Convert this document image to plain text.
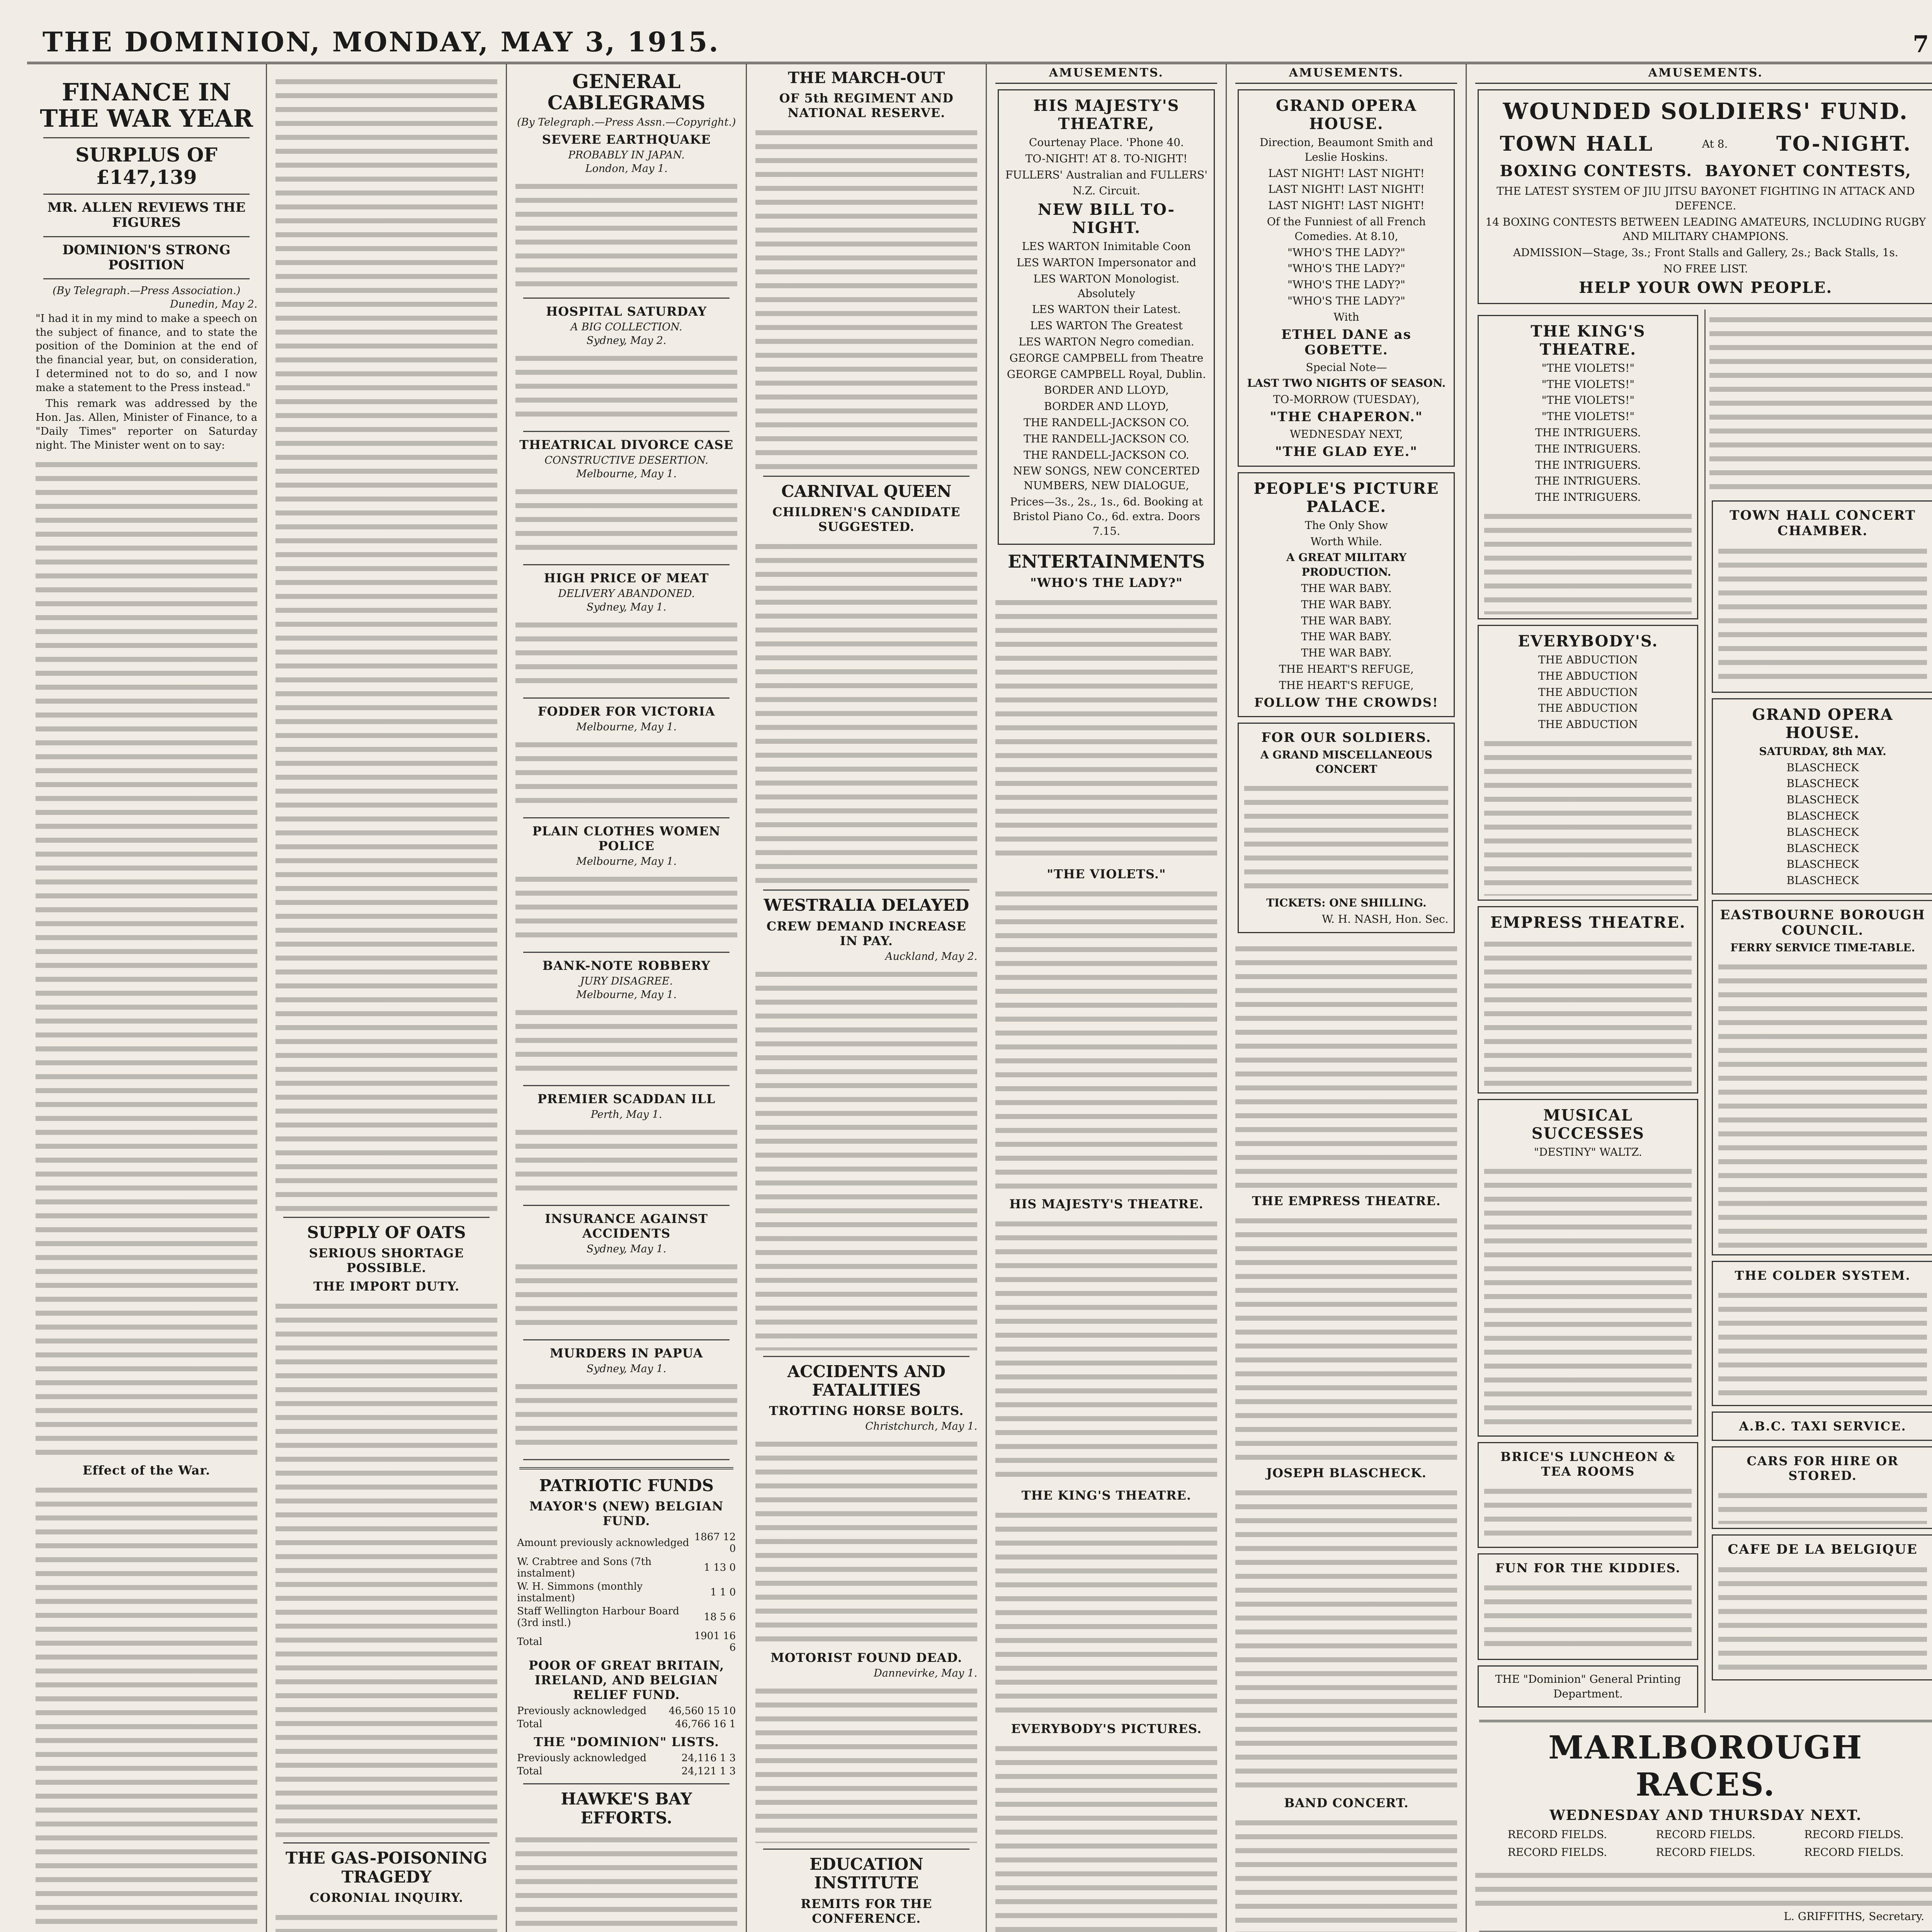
THE DOMINION, MONDAY, MAY 3, 1915.	7
FINANCE IN THE WAR YEAR
SURPLUS OF £147,139
MR. ALLEN REVIEWS THE FIGURES
DOMINION'S STRONG POSITION
(By Telegraph.—Press Association.)
Dunedin, May 2.

"I had it in my mind to make a speech on the subject of finance, and to state the position of the Dominion at the end of the financial year, but, on consideration, I determined not to do so, and I now make a statement to the Press instead."

This remark was addressed by the Hon. Jas. Allen, Minister of Finance, to a "Daily Times" reporter on Saturday night. The Minister went on to say:

Effect of the War.
SUPPLY OF OATS
SERIOUS SHORTAGE POSSIBLE.
THE IMPORT DUTY.
THE GAS-POISONING TRAGEDY
CORONIAL INQUIRY.
GENERAL CABLEGRAMS
(By Telegraph.—Press Assn.—Copyright.)
SEVERE EARTHQUAKE
PROBABLY IN JAPAN.
London, May 1.
HOSPITAL SATURDAY
A BIG COLLECTION.
Sydney, May 2.
THEATRICAL DIVORCE CASE
CONSTRUCTIVE DESERTION.
Melbourne, May 1.
HIGH PRICE OF MEAT
DELIVERY ABANDONED.
Sydney, May 1.
FODDER FOR VICTORIA
Melbourne, May 1.
PLAIN CLOTHES WOMEN POLICE
Melbourne, May 1.
BANK-NOTE ROBBERY
JURY DISAGREE.
Melbourne, May 1.
PREMIER SCADDAN ILL
Perth, May 1.
INSURANCE AGAINST ACCIDENTS
Sydney, May 1.
MURDERS IN PAPUA
Sydney, May 1.
PATRIOTIC FUNDS
MAYOR'S (NEW) BELGIAN FUND.
Amount previously acknowledged	1867 12 0
W. Crabtree and Sons (7th instalment)	1 13 0
W. H. Simmons (monthly instalment)	1 1 0
Staff Wellington Harbour Board (3rd instl.)	18 5 6
Total	1901 16 6
POOR OF GREAT BRITAIN, IRELAND, AND BELGIAN RELIEF FUND.
Previously acknowledged	46,560 15 10
Total	46,766 16 1
THE "DOMINION" LISTS.
Previously acknowledged	24,116 1 3
Total	24,121 1 3
HAWKE'S BAY EFFORTS.
THE MARCH-OUT
OF 5th REGIMENT AND NATIONAL RESERVE.
CARNIVAL QUEEN
CHILDREN'S CANDIDATE SUGGESTED.
WESTRALIA DELAYED
CREW DEMAND INCREASE IN PAY.
Auckland, May 2.
ACCIDENTS AND FATALITIES
TROTTING HORSE BOLTS.
Christchurch, May 1.
MOTORIST FOUND DEAD.
Dannevirke, May 1.
EDUCATION INSTITUTE
REMITS FOR THE CONFERENCE.
AMUSEMENTS.
HIS MAJESTY'S THEATRE,
Courtenay Place. 'Phone 40.
TO-NIGHT! AT 8. TO-NIGHT!
FULLERS' Australian and FULLERS'
N.Z. Circuit.
NEW BILL TO-NIGHT.
LES WARTON Inimitable Coon
LES WARTON Impersonator and
LES WARTON Monologist. Absolutely
LES WARTON their Latest.
LES WARTON The Greatest
LES WARTON Negro comedian.
GEORGE CAMPBELL from Theatre
GEORGE CAMPBELL Royal, Dublin.
BORDER AND LLOYD,
BORDER AND LLOYD,
THE RANDELL-JACKSON CO.
THE RANDELL-JACKSON CO.
THE RANDELL-JACKSON CO.
NEW SONGS, NEW CONCERTED NUMBERS, NEW DIALOGUE,
Prices—3s., 2s., 1s., 6d. Booking at Bristol Piano Co., 6d. extra. Doors 7.15.
ENTERTAINMENTS
"WHO'S THE LADY?"
"THE VIOLETS."
HIS MAJESTY'S THEATRE.
THE KING'S THEATRE.
EVERYBODY'S PICTURES.
AMUSEMENTS.
GRAND OPERA HOUSE.
Direction, Beaumont Smith and Leslie Hoskins.
LAST NIGHT! LAST NIGHT!
LAST NIGHT! LAST NIGHT!
LAST NIGHT! LAST NIGHT!
Of the Funniest of all French Comedies. At 8.10,
"WHO'S THE LADY?"
"WHO'S THE LADY?"
"WHO'S THE LADY?"
"WHO'S THE LADY?"
With
ETHEL DANE as GOBETTE.
Special Note—
LAST TWO NIGHTS OF SEASON.
TO-MORROW (TUESDAY),
"THE CHAPERON."
WEDNESDAY NEXT,
"THE GLAD EYE."
PEOPLE'S PICTURE PALACE.
The Only Show
Worth While.
A GREAT MILITARY PRODUCTION.
THE WAR BABY.
THE WAR BABY.
THE WAR BABY.
THE WAR BABY.
THE WAR BABY.
THE HEART'S REFUGE,
THE HEART'S REFUGE,
FOLLOW THE CROWDS!
FOR OUR SOLDIERS.
A GRAND MISCELLANEOUS CONCERT
TICKETS: ONE SHILLING.
W. H. NASH, Hon. Sec.
THE EMPRESS THEATRE.
JOSEPH BLASCHECK.
BAND CONCERT.
AMUSEMENTS.
WOUNDED SOLDIERS' FUND.
TOWN HALL	At 8. TO-NIGHT.
BOXING CONTESTS. BAYONET CONTESTS,
THE LATEST SYSTEM OF JIU JITSU BAYONET FIGHTING IN ATTACK AND DEFENCE.
14 BOXING CONTESTS BETWEEN LEADING AMATEURS, INCLUDING RUGBY AND MILITARY CHAMPIONS.
ADMISSION—Stage, 3s.; Front Stalls and Gallery, 2s.; Back Stalls, 1s.
NO FREE LIST.
HELP YOUR OWN PEOPLE.
THE KING'S THEATRE.
"THE VIOLETS!"
"THE VIOLETS!"
"THE VIOLETS!"
"THE VIOLETS!"
THE INTRIGUERS.
THE INTRIGUERS.
THE INTRIGUERS.
THE INTRIGUERS.
THE INTRIGUERS.
EVERYBODY'S.
THE ABDUCTION
THE ABDUCTION
THE ABDUCTION
THE ABDUCTION
THE ABDUCTION
EMPRESS THEATRE.
MUSICAL SUCCESSES
"DESTINY" WALTZ.
BRICE'S LUNCHEON & TEA ROOMS
FUN FOR THE KIDDIES.
THE "Dominion" General Printing Department.
TOWN HALL CONCERT CHAMBER.
GRAND OPERA HOUSE.
SATURDAY, 8th MAY.
BLASCHECK
BLASCHECK
BLASCHECK
BLASCHECK
BLASCHECK
BLASCHECK
BLASCHECK
BLASCHECK
EASTBOURNE BOROUGH COUNCIL.
FERRY SERVICE TIME-TABLE.
THE COLDER SYSTEM.
A.B.C. TAXI SERVICE.
CARS FOR HIRE OR STORED.
CAFE DE LA BELGIQUE
MARLBOROUGH RACES.
WEDNESDAY AND THURSDAY NEXT.
RECORD FIELDS.	RECORD FIELDS.	RECORD FIELDS.
RECORD FIELDS.	RECORD FIELDS.	RECORD FIELDS.
L. GRIFFITHS, Secretary.
